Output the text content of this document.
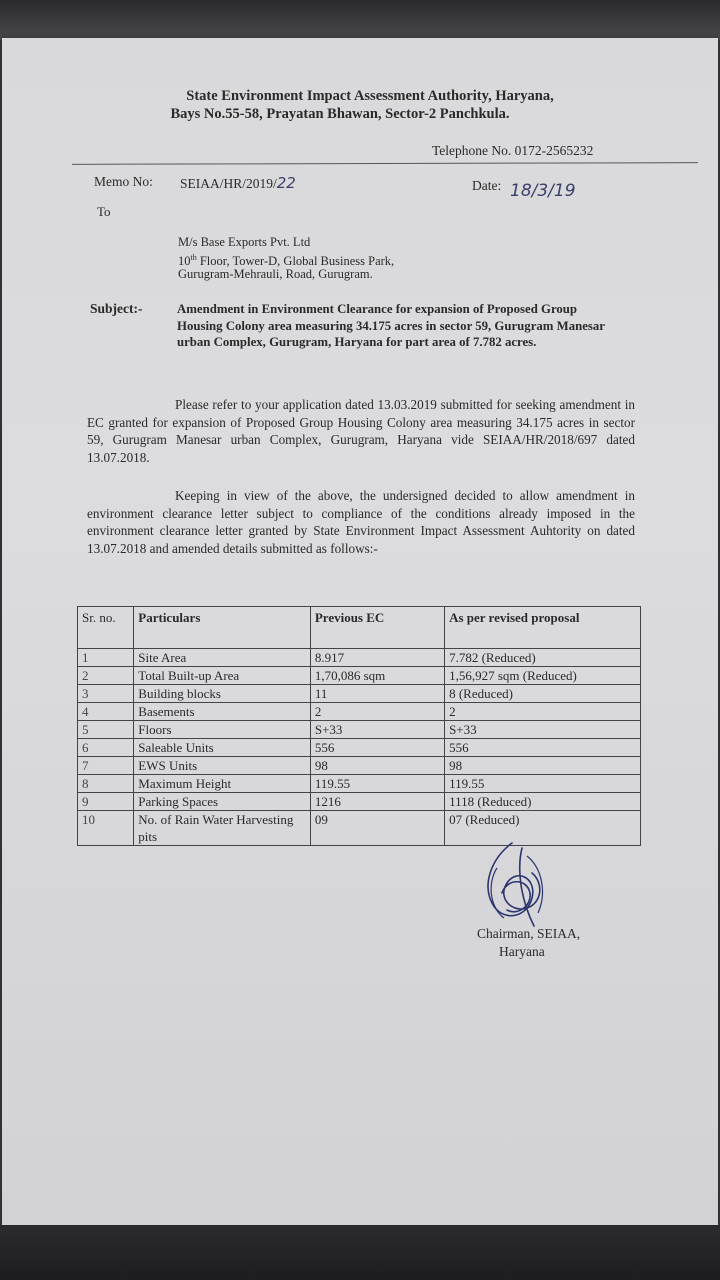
State Environment Impact Assessment Authority, Haryana,
Bays No.55-58, Prayatan Bhawan, Sector-2 Panchkula.
Telephone No. 0172-2565232
Memo No: SEIAA/HR/2019/22	Date: 18/3/19
To
M/s Base Exports Pvt. Ltd
10th Floor, Tower-D, Global Business Park,
Gurugram-Mehrauli, Road, Gurugram.
Subject:-	Amendment in Environment Clearance for expansion of Proposed Group Housing Colony area measuring 34.175 acres in sector 59, Gurugram Manesar urban Complex, Gurugram, Haryana for part area of 7.782 acres.
Please refer to your application dated 13.03.2019 submitted for seeking amendment in EC granted for expansion of Proposed Group Housing Colony area measuring 34.175 acres in sector 59, Gurugram Manesar urban Complex, Gurugram, Haryana vide SEIAA/HR/2018/697 dated 13.07.2018.
Keeping in view of the above, the undersigned decided to allow amendment in environment clearance letter subject to compliance of the conditions already imposed in the environment clearance letter granted by State Environment Impact Assessment Auhtority on dated 13.07.2018 and amended details submitted as follows:-
Sr. no.	Particulars	Previous EC	As per revised proposal
1	Site Area	8.917	7.782 (Reduced)
2	Total Built-up Area	1,70,086 sqm	1,56,927 sqm (Reduced)
3	Building blocks	11	8 (Reduced)
4	Basements	2	2
5	Floors	S+33	S+33
6	Saleable Units	556	556
7	EWS Units	98	98
8	Maximum Height	119.55	119.55
9	Parking Spaces	1216	1118 (Reduced)
10	No. of Rain Water Harvesting pits	09	07 (Reduced)
Chairman, SEIAA,
Haryana
